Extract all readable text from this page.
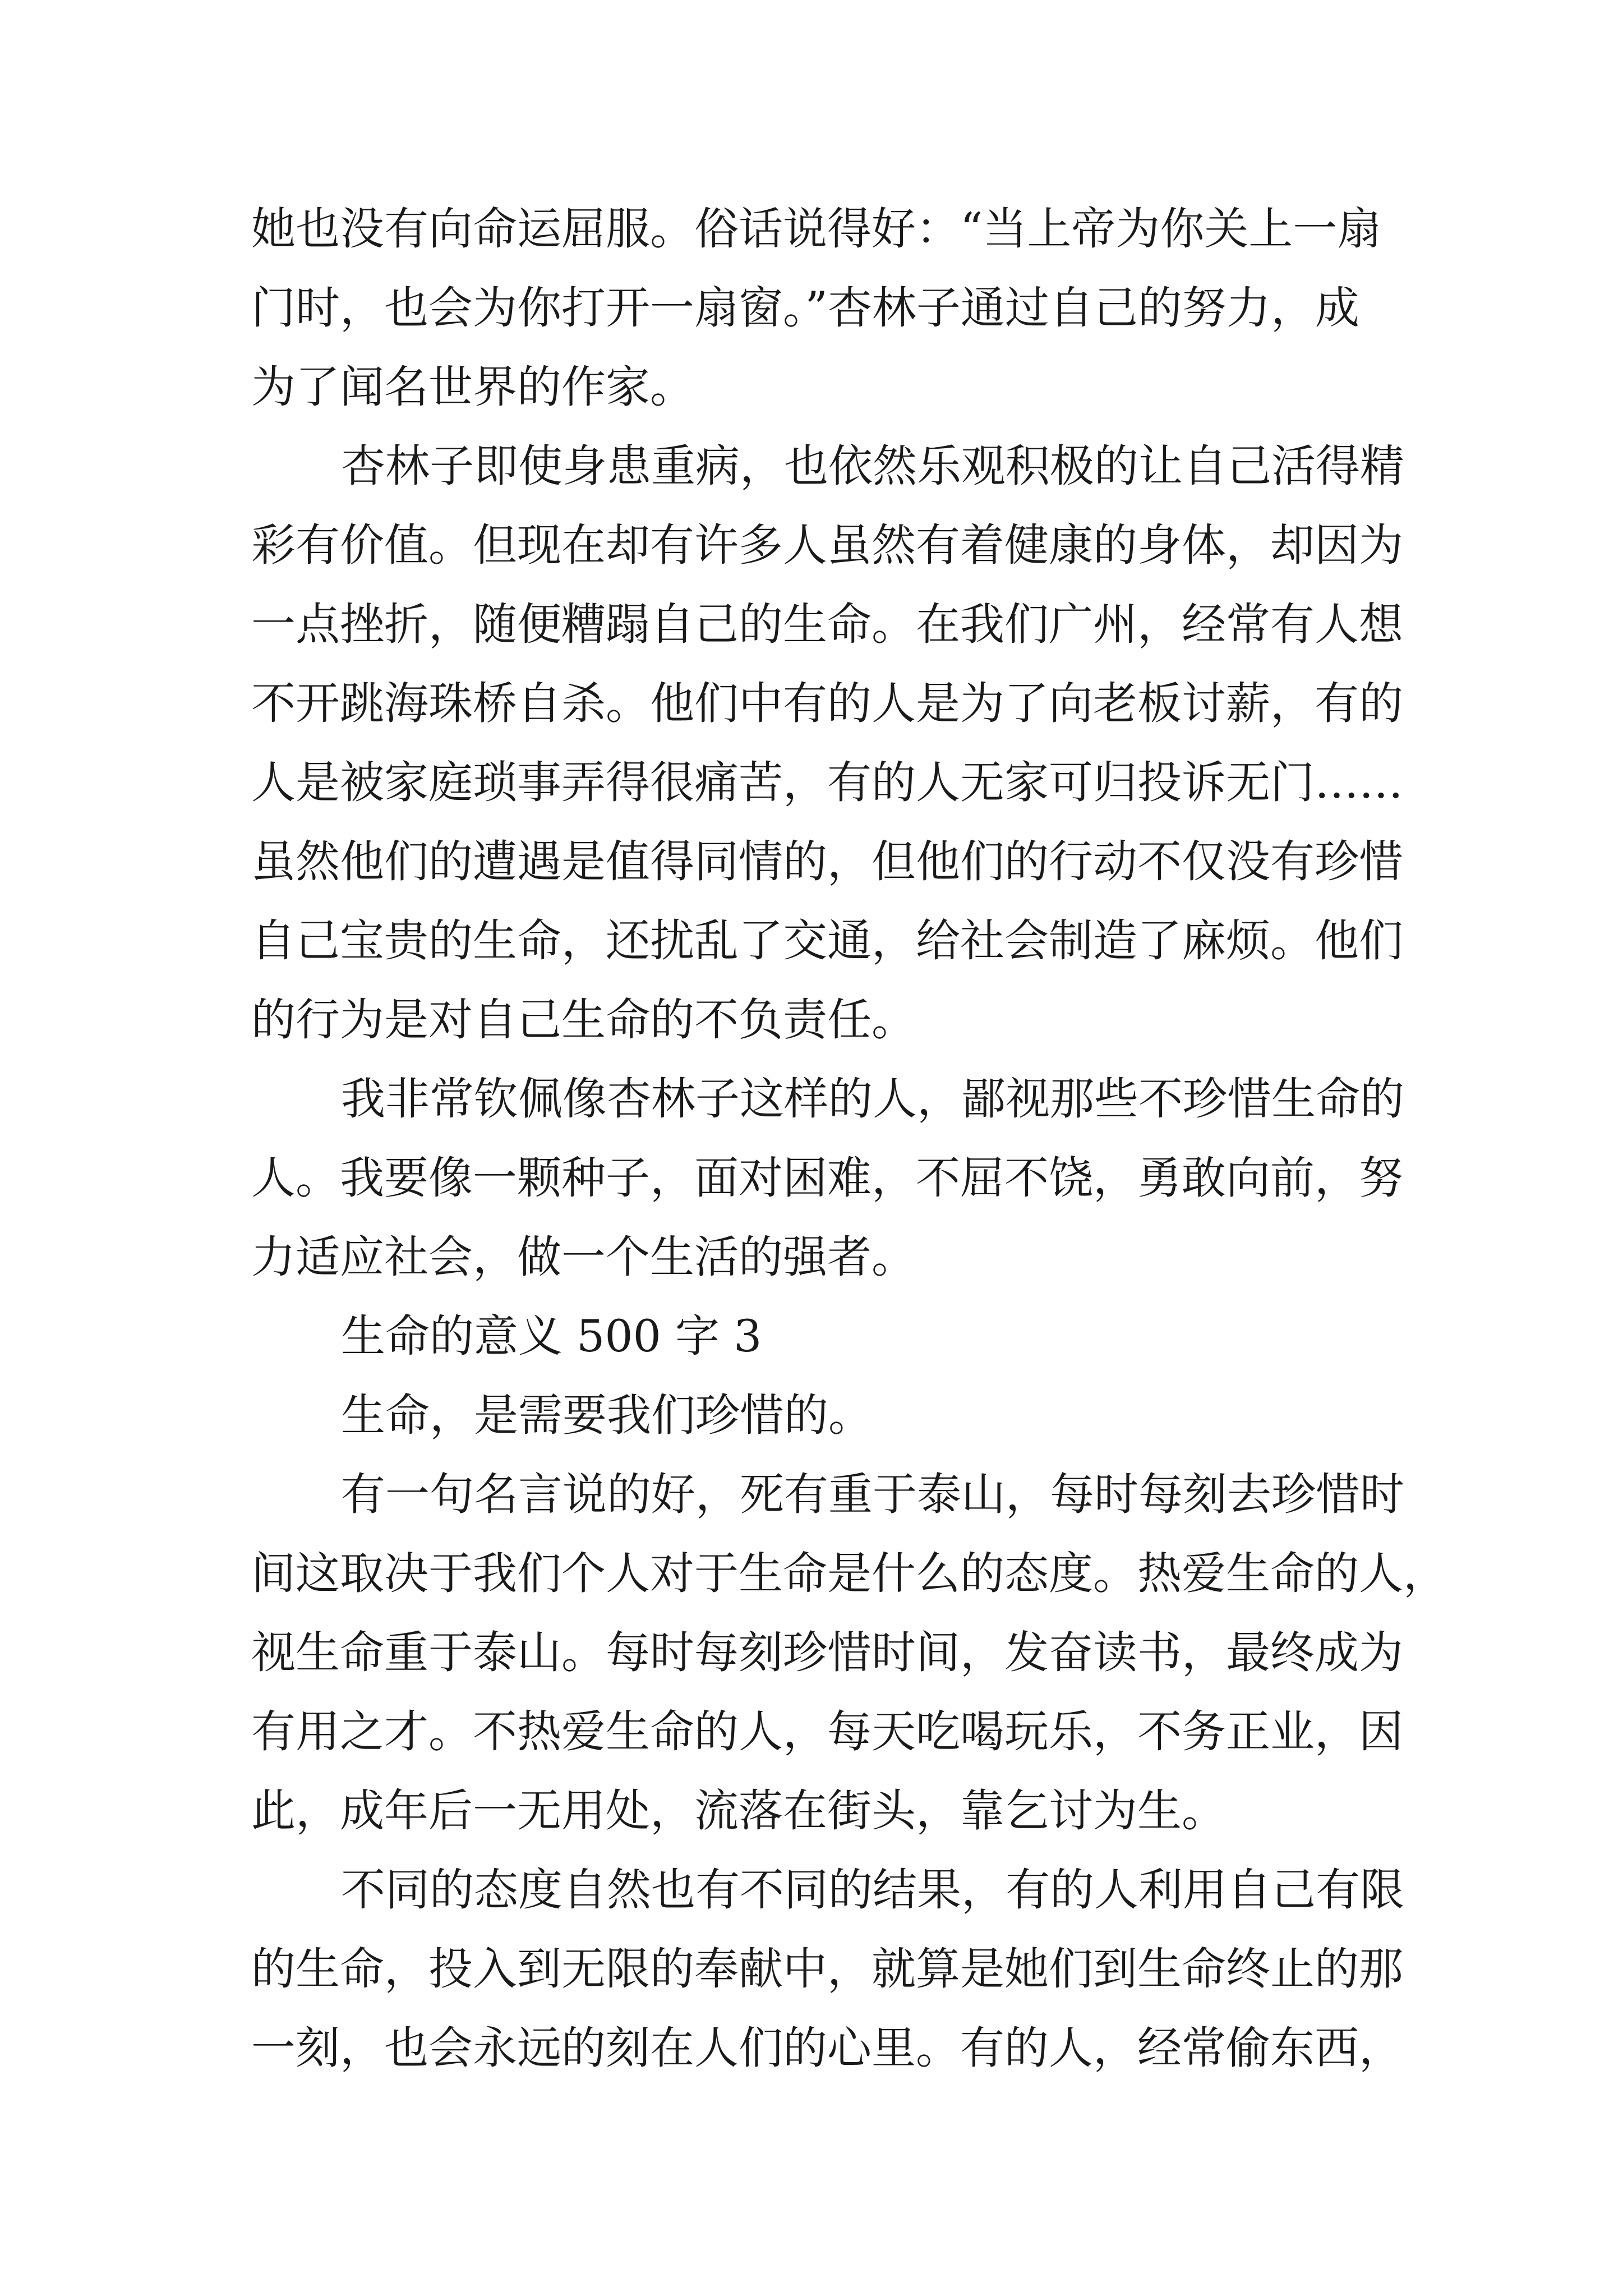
她也没有向命运屈服。俗话说得好：“当上帝为你关上一扇
门时，也会为你打开一扇窗。”杏林子通过自己的努力，成
为了闻名世界的作家。

杏林子即使身患重病，也依然乐观积极的让自己活得精
彩有价值。但现在却有许多人虽然有着健康的身体，却因为
一点挫折，随便糟蹋自己的生命。在我们广州，经常有人想
不开跳海珠桥自杀。他们中有的人是为了向老板讨薪，有的
人是被家庭琐事弄得很痛苦，有的人无家可归投诉无门……
虽然他们的遭遇是值得同情的，但他们的行动不仅没有珍惜
自己宝贵的生命，还扰乱了交通，给社会制造了麻烦。他们
的行为是对自己生命的不负责任。

我非常钦佩像杏林子这样的人，鄙视那些不珍惜生命的
人。我要像一颗种子，面对困难，不屈不饶，勇敢向前，努
力适应社会，做一个生活的强者。

生命的意义 500 字 3

生命，是需要我们珍惜的。

有一句名言说的好，死有重于泰山，每时每刻去珍惜时
间这取决于我们个人对于生命是什么的态度。热爱生命的人，
视生命重于泰山。每时每刻珍惜时间，发奋读书，最终成为
有用之才。不热爱生命的人，每天吃喝玩乐，不务正业，因
此，成年后一无用处，流落在街头，靠乞讨为生。

不同的态度自然也有不同的结果，有的人利用自己有限
的生命，投入到无限的奉献中，就算是她们到生命终止的那
一刻，也会永远的刻在人们的心里。有的人，经常偷东西，
